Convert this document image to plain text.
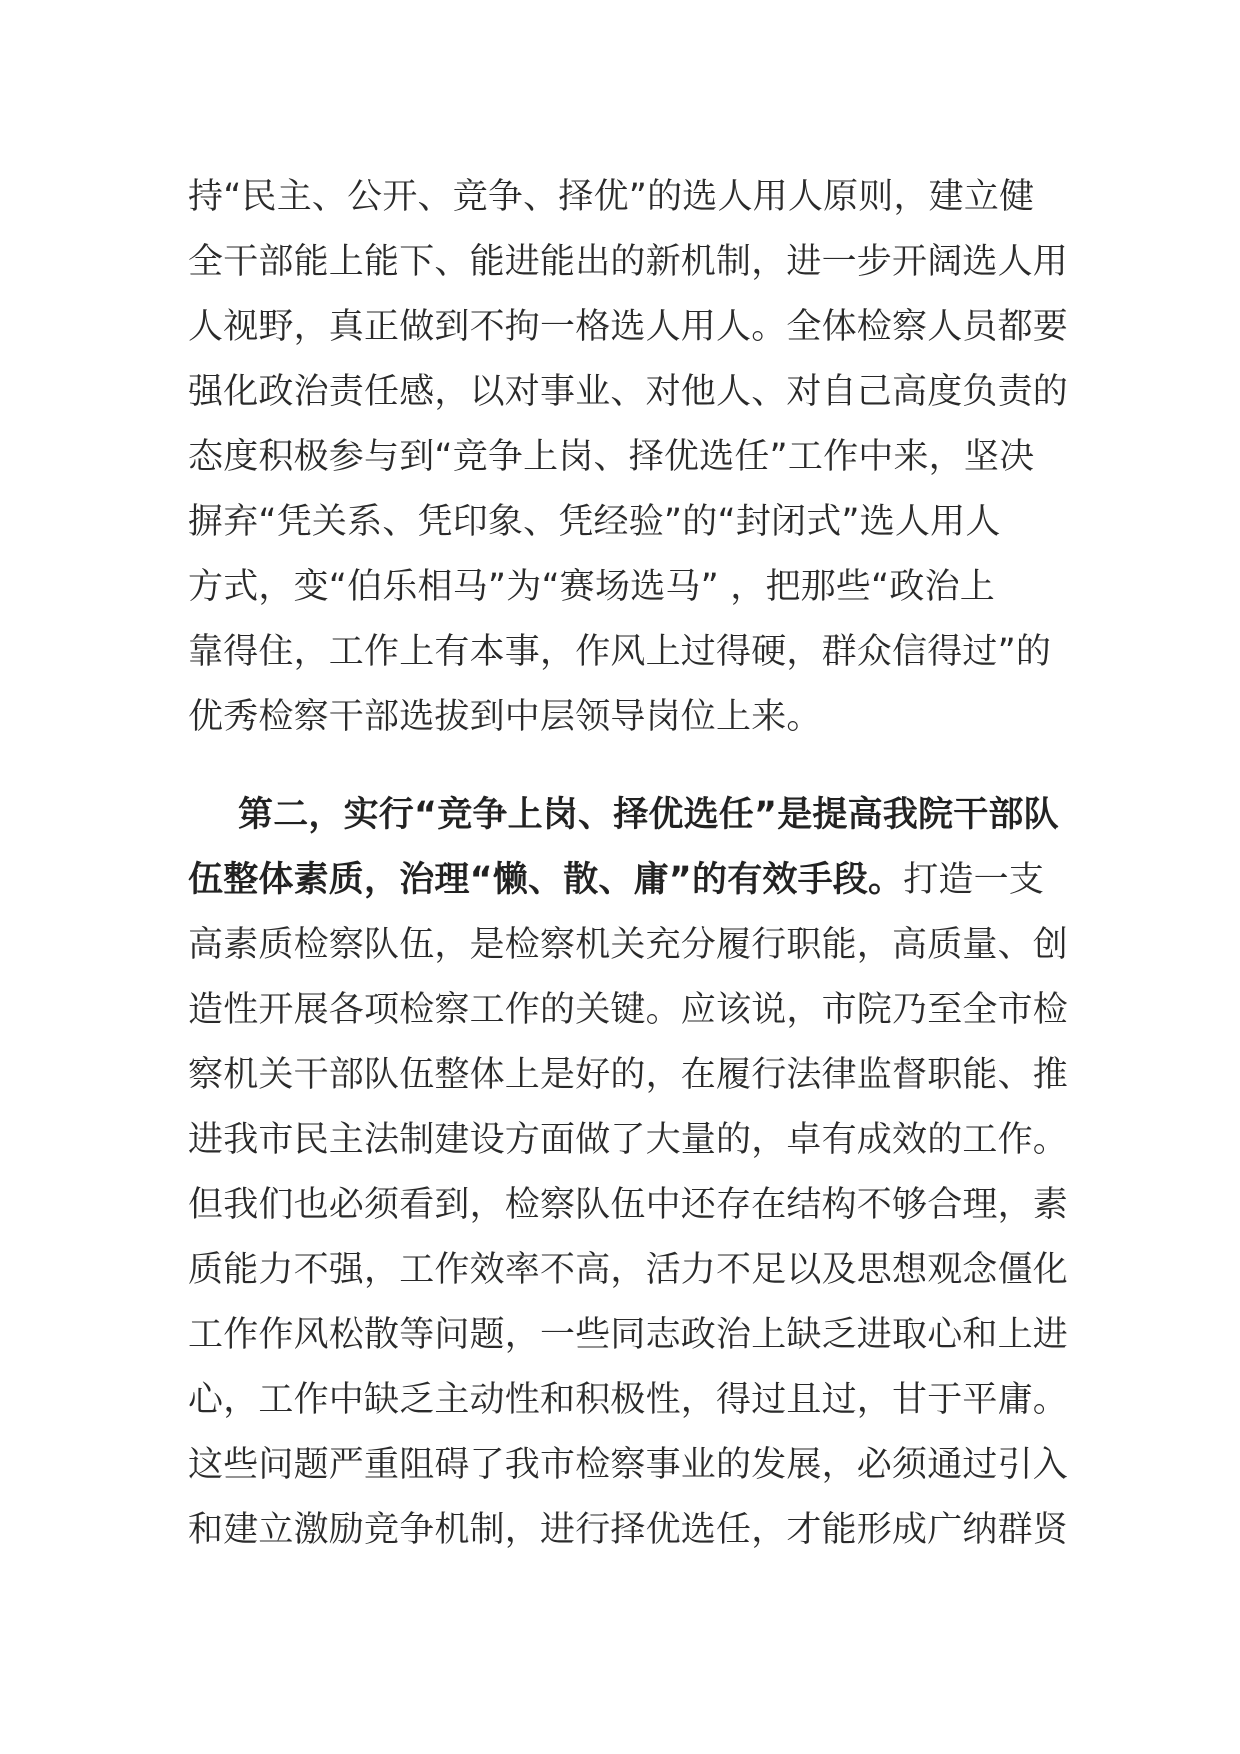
持“民主、公开、竞争、择优”的选人用人原则，建立健
全干部能上能下、能进能出的新机制，进一步开阔选人用
人视野，真正做到不拘一格选人用人。全体检察人员都要
强化政治责任感，以对事业、对他人、对自己高度负责的
态度积极参与到“竞争上岗、择优选任”工作中来，坚决
摒弃“凭关系、凭印象、凭经验”的“封闭式”选人用人
方式，变“伯乐相马”为“赛场选马” ，把那些“政治上
靠得住，工作上有本事，作风上过得硬，群众信得过”的
优秀检察干部选拔到中层领导岗位上来。
第二，实行“竞争上岗、择优选任”是提高我院干部队
伍整体素质，治理“懒、散、庸”的有效手段。打造一支
高素质检察队伍，是检察机关充分履行职能，高质量、创
造性开展各项检察工作的关键。应该说，市院乃至全市检
察机关干部队伍整体上是好的，在履行法律监督职能、推
进我市民主法制建设方面做了大量的，卓有成效的工作。
但我们也必须看到，检察队伍中还存在结构不够合理，素
质能力不强，工作效率不高，活力不足以及思想观念僵化
工作作风松散等问题，一些同志政治上缺乏进取心和上进
心，工作中缺乏主动性和积极性，得过且过，甘于平庸。
这些问题严重阻碍了我市检察事业的发展，必须通过引入
和建立激励竞争机制，进行择优选任，才能形成广纳群贤
